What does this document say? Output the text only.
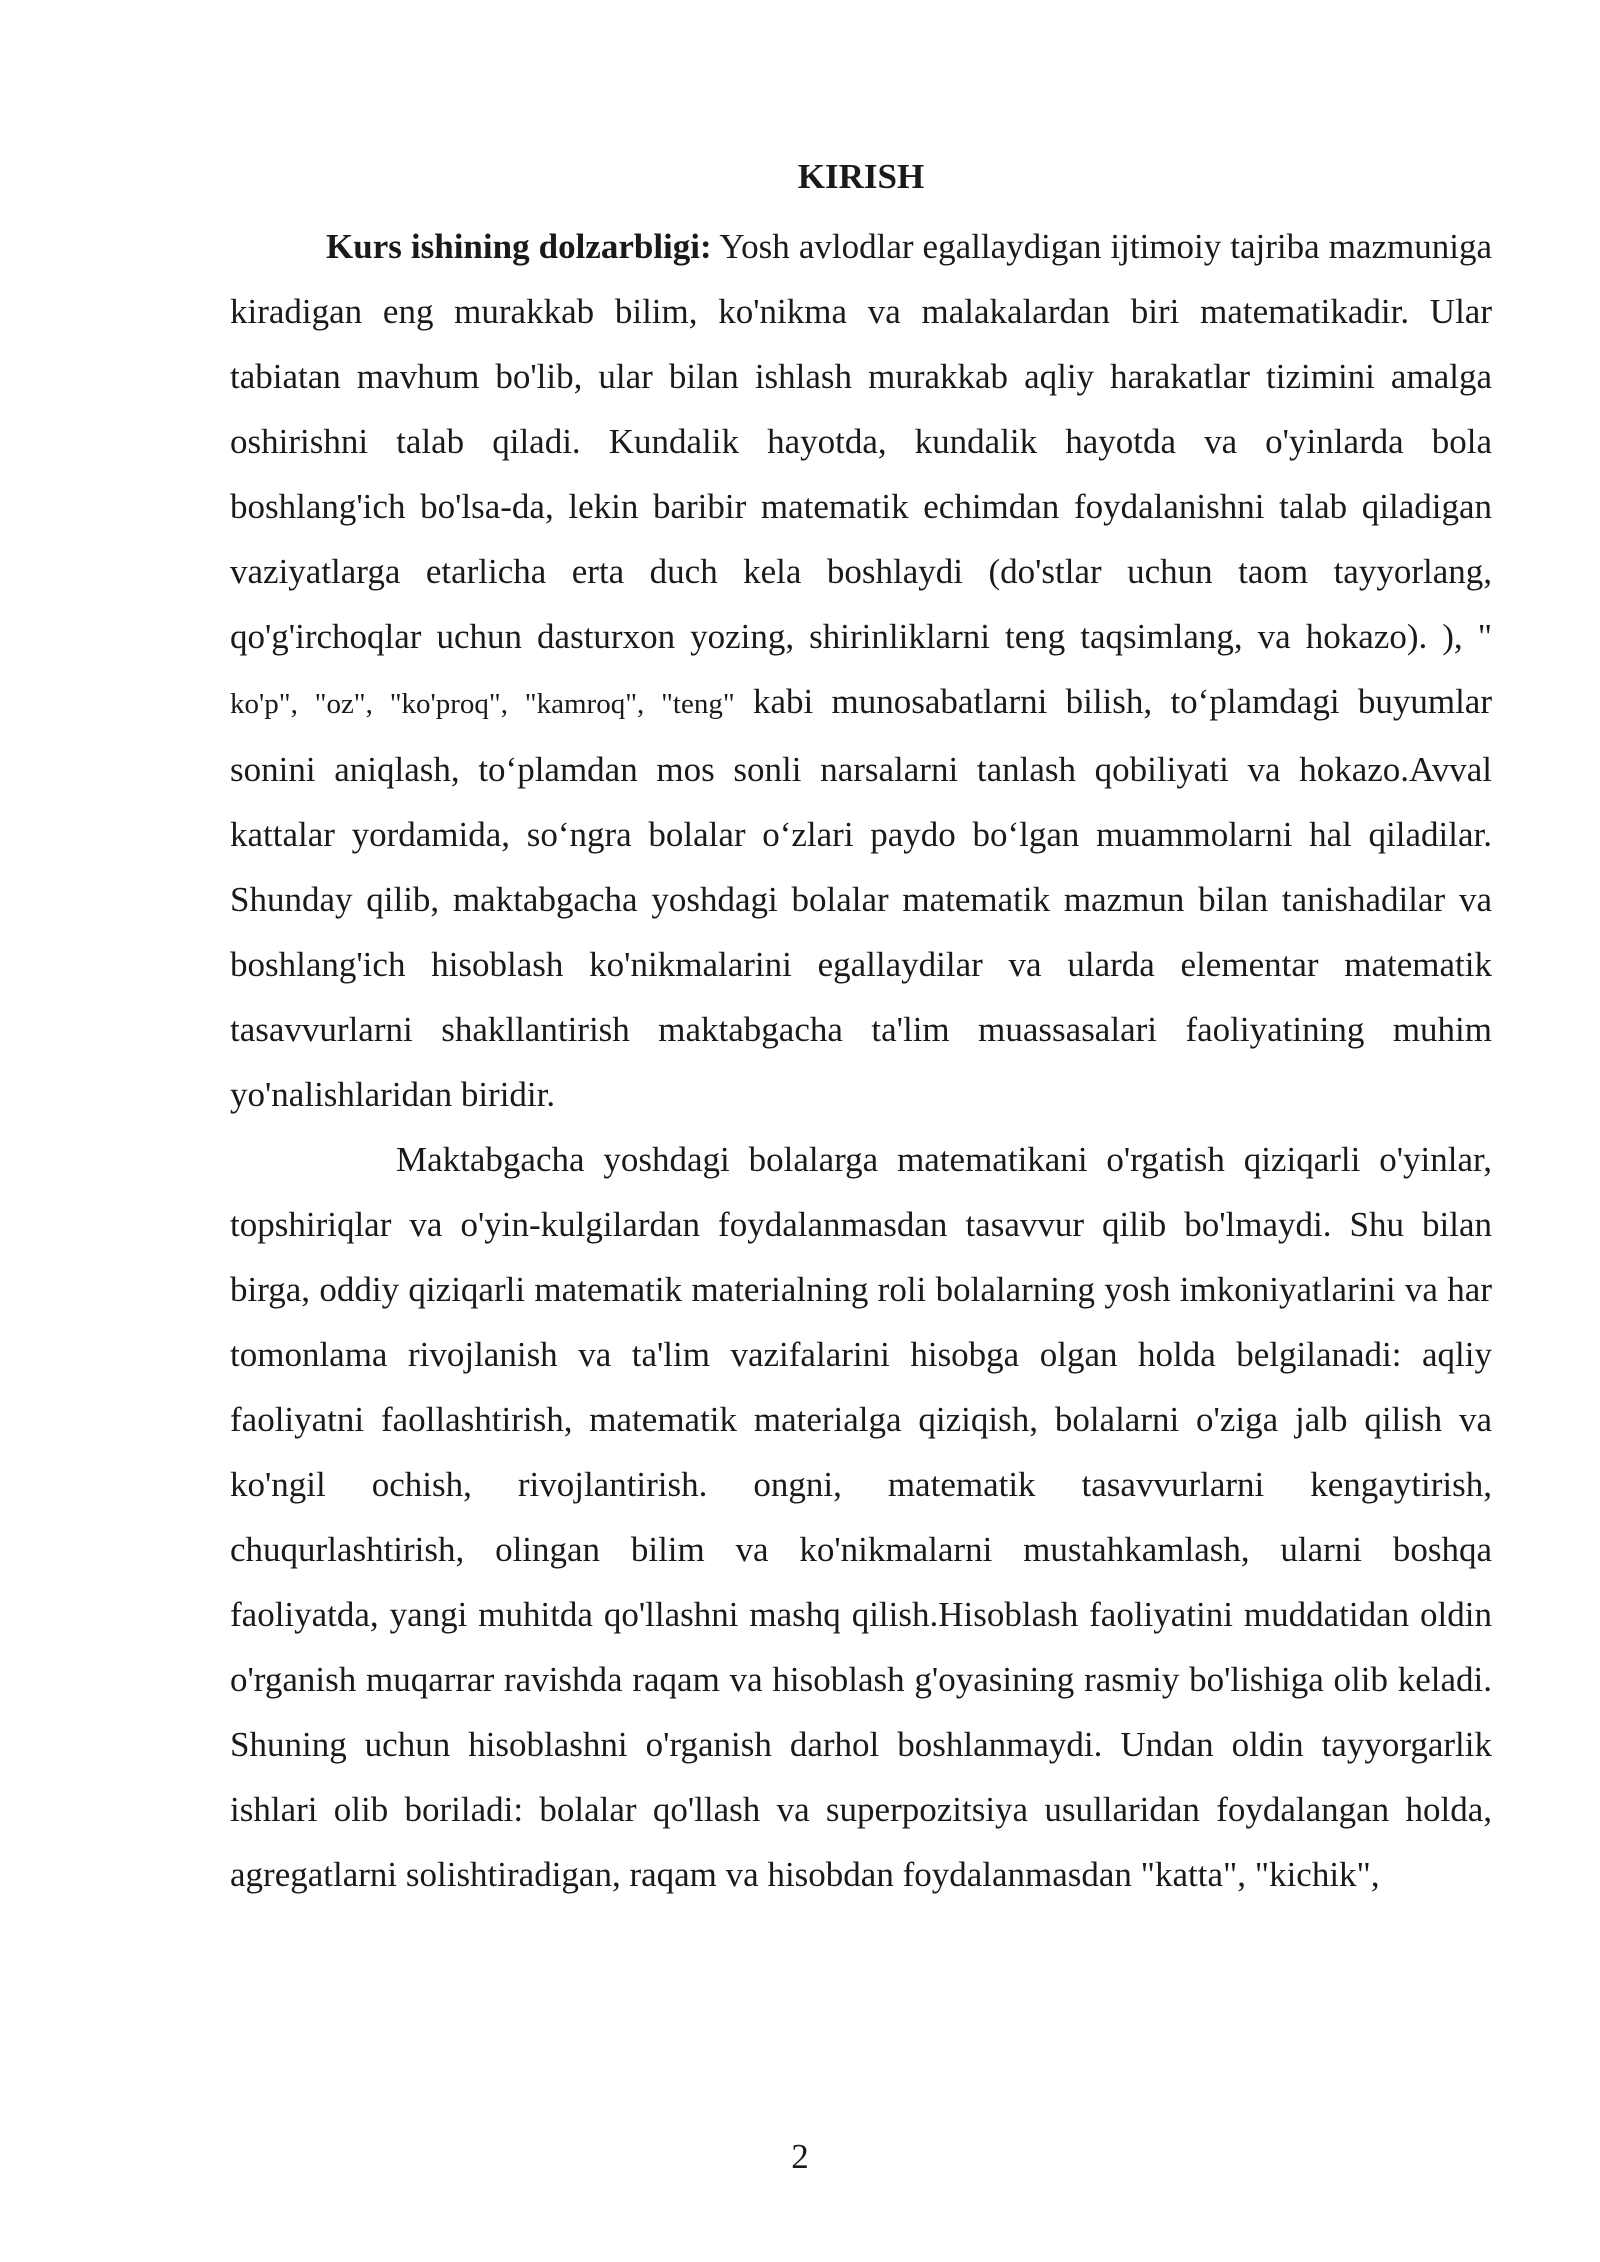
KIRISH

Kurs ishining dolzarbligi: Yosh avlodlar egallaydigan ijtimoiy tajriba mazmuniga kiradigan eng murakkab bilim, ko'nikma va malakalardan biri matematikadir. Ular tabiatan mavhum bo'lib, ular bilan ishlash murakkab aqliy harakatlar tizimini amalga oshirishni talab qiladi. Kundalik hayotda, kundalik hayotda va o'yinlarda bola boshlang'ich bo'lsa-da, lekin baribir matematik echimdan foydalanishni talab qiladigan vaziyatlarga etarlicha erta duch kela boshlaydi (do'stlar uchun taom tayyorlang, qo'g'irchoqlar uchun dasturxon yozing, shirinliklarni teng taqsimlang, va hokazo). ), " ko'p", "oz", "ko'proq", "kamroq", "teng" kabi munosabatlarni bilish, to‘plamdagi buyumlar sonini aniqlash, to‘plamdan mos sonli narsalarni tanlash qobiliyati va hokazo.Avval kattalar yordamida, so‘ngra bolalar o‘zlari paydo bo‘lgan muammolarni hal qiladilar. Shunday qilib, maktabgacha yoshdagi bolalar matematik mazmun bilan tanishadilar va boshlang'ich hisoblash ko'nikmalarini egallaydilar va ularda elementar matematik tasavvurlarni shakllantirish maktabgacha ta'lim muassasalari faoliyatining muhim yo'nalishlaridan biridir.

Maktabgacha yoshdagi bolalarga matematikani o'rgatish qiziqarli o'yinlar, topshiriqlar va o'yin-kulgilardan foydalanmasdan tasavvur qilib bo'lmaydi. Shu bilan birga, oddiy qiziqarli matematik materialning roli bolalarning yosh imkoniyatlarini va har tomonlama rivojlanish va ta'lim vazifalarini hisobga olgan holda belgilanadi: aqliy faoliyatni faollashtirish, matematik materialga qiziqish, bolalarni o'ziga jalb qilish va ko'ngil ochish, rivojlantirish. ongni, matematik tasavvurlarni kengaytirish, chuqurlashtirish, olingan bilim va ko'nikmalarni mustahkamlash, ularni boshqa faoliyatda, yangi muhitda qo'llashni mashq qilish.Hisoblash faoliyatini muddatidan oldin o'rganish muqarrar ravishda raqam va hisoblash g'oyasining rasmiy bo'lishiga olib keladi. Shuning uchun hisoblashni o'rganish darhol boshlanmaydi. Undan oldin tayyorgarlik ishlari olib boriladi: bolalar qo'llash va superpozitsiya usullaridan foydalangan holda, agregatlarni solishtiradigan, raqam va hisobdan foydalanmasdan "katta", "kichik",

2
